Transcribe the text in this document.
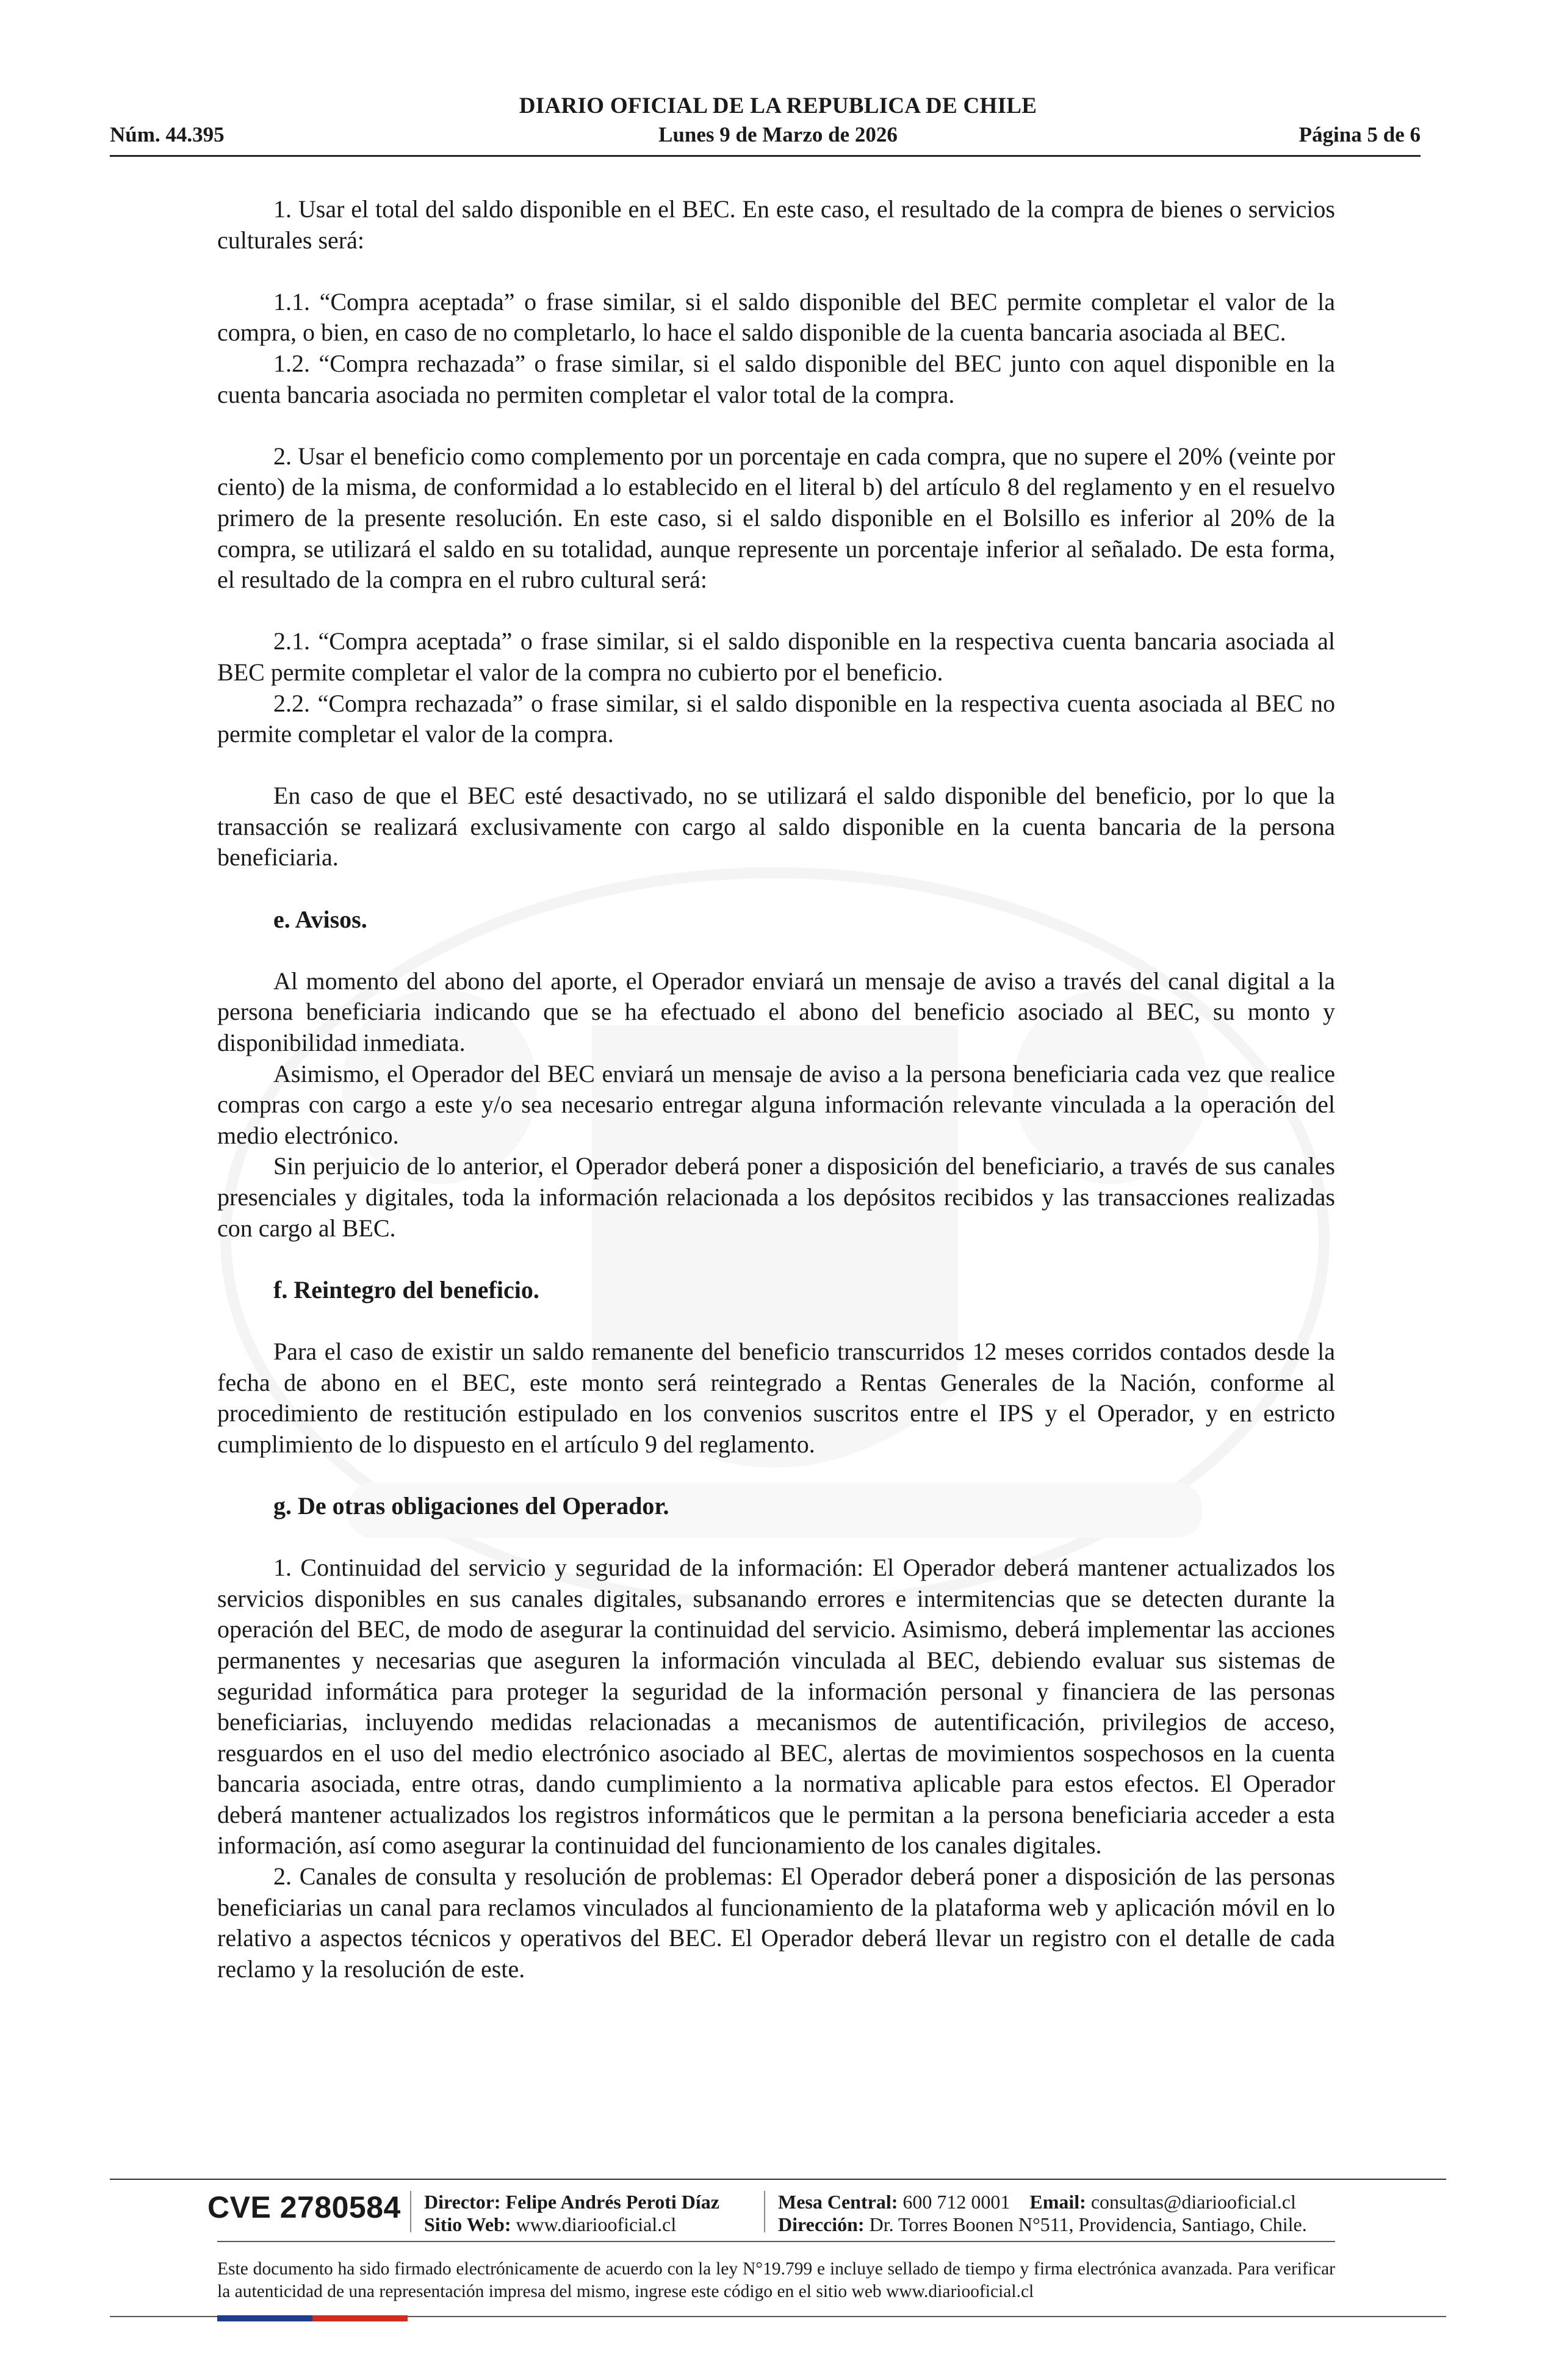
DIARIO OFICIAL DE LA REPUBLICA DE CHILE
Núm. 44.395	Lunes 9 de Marzo de 2026	Página 5 de 6

1. Usar el total del saldo disponible en el BEC. En este caso, el resultado de la compra de bienes o servicios culturales será:

1.1. “Compra aceptada” o frase similar, si el saldo disponible del BEC permite completar el valor de la compra, o bien, en caso de no completarlo, lo hace el saldo disponible de la cuenta bancaria asociada al BEC.

1.2. “Compra rechazada” o frase similar, si el saldo disponible del BEC junto con aquel disponible en la cuenta bancaria asociada no permiten completar el valor total de la compra.

2. Usar el beneficio como complemento por un porcentaje en cada compra, que no supere el 20% (veinte por ciento) de la misma, de conformidad a lo establecido en el literal b) del artículo 8 del reglamento y en el resuelvo primero de la presente resolución. En este caso, si el saldo disponible en el Bolsillo es inferior al 20% de la compra, se utilizará el saldo en su totalidad, aunque represente un porcentaje inferior al señalado. De esta forma, el resultado de la compra en el rubro cultural será:

2.1. “Compra aceptada” o frase similar, si el saldo disponible en la respectiva cuenta bancaria asociada al BEC permite completar el valor de la compra no cubierto por el beneficio.

2.2. “Compra rechazada” o frase similar, si el saldo disponible en la respectiva cuenta asociada al BEC no permite completar el valor de la compra.

En caso de que el BEC esté desactivado, no se utilizará el saldo disponible del beneficio, por lo que la transacción se realizará exclusivamente con cargo al saldo disponible en la cuenta bancaria de la persona beneficiaria.

e. Avisos.

Al momento del abono del aporte, el Operador enviará un mensaje de aviso a través del canal digital a la persona beneficiaria indicando que se ha efectuado el abono del beneficio asociado al BEC, su monto y disponibilidad inmediata.

Asimismo, el Operador del BEC enviará un mensaje de aviso a la persona beneficiaria cada vez que realice compras con cargo a este y/o sea necesario entregar alguna información relevante vinculada a la operación del medio electrónico.

Sin perjuicio de lo anterior, el Operador deberá poner a disposición del beneficiario, a través de sus canales presenciales y digitales, toda la información relacionada a los depósitos recibidos y las transacciones realizadas con cargo al BEC.

f. Reintegro del beneficio.

Para el caso de existir un saldo remanente del beneficio transcurridos 12 meses corridos contados desde la fecha de abono en el BEC, este monto será reintegrado a Rentas Generales de la Nación, conforme al procedimiento de restitución estipulado en los convenios suscritos entre el IPS y el Operador, y en estricto cumplimiento de lo dispuesto en el artículo 9 del reglamento.

g. De otras obligaciones del Operador.

1. Continuidad del servicio y seguridad de la información: El Operador deberá mantener actualizados los servicios disponibles en sus canales digitales, subsanando errores e intermitencias que se detecten durante la operación del BEC, de modo de asegurar la continuidad del servicio. Asimismo, deberá implementar las acciones permanentes y necesarias que aseguren la información vinculada al BEC, debiendo evaluar sus sistemas de seguridad informática para proteger la seguridad de la información personal y financiera de las personas beneficiarias, incluyendo medidas relacionadas a mecanismos de autentificación, privilegios de acceso, resguardos en el uso del medio electrónico asociado al BEC, alertas de movimientos sospechosos en la cuenta bancaria asociada, entre otras, dando cumplimiento a la normativa aplicable para estos efectos. El Operador deberá mantener actualizados los registros informáticos que le permitan a la persona beneficiaria acceder a esta información, así como asegurar la continuidad del funcionamiento de los canales digitales.

2. Canales de consulta y resolución de problemas: El Operador deberá poner a disposición de las personas beneficiarias un canal para reclamos vinculados al funcionamiento de la plataforma web y aplicación móvil en lo relativo a aspectos técnicos y operativos del BEC. El Operador deberá llevar un registro con el detalle de cada reclamo y la resolución de este.

CVE 2780584 Director: Felipe Andrés Peroti Díaz
Sitio Web: www.diariooficial.cl
Mesa Central: 600 712 0001 Email: consultas@diariooficial.cl
Dirección: Dr. Torres Boonen N°511, Providencia, Santiago, Chile.
Este documento ha sido firmado electrónicamente de acuerdo con la ley N°19.799 e incluye sellado de tiempo y firma electrónica avanzada. Para verificar la autenticidad de una representación impresa del mismo, ingrese este código en el sitio web www.diariooficial.cl
